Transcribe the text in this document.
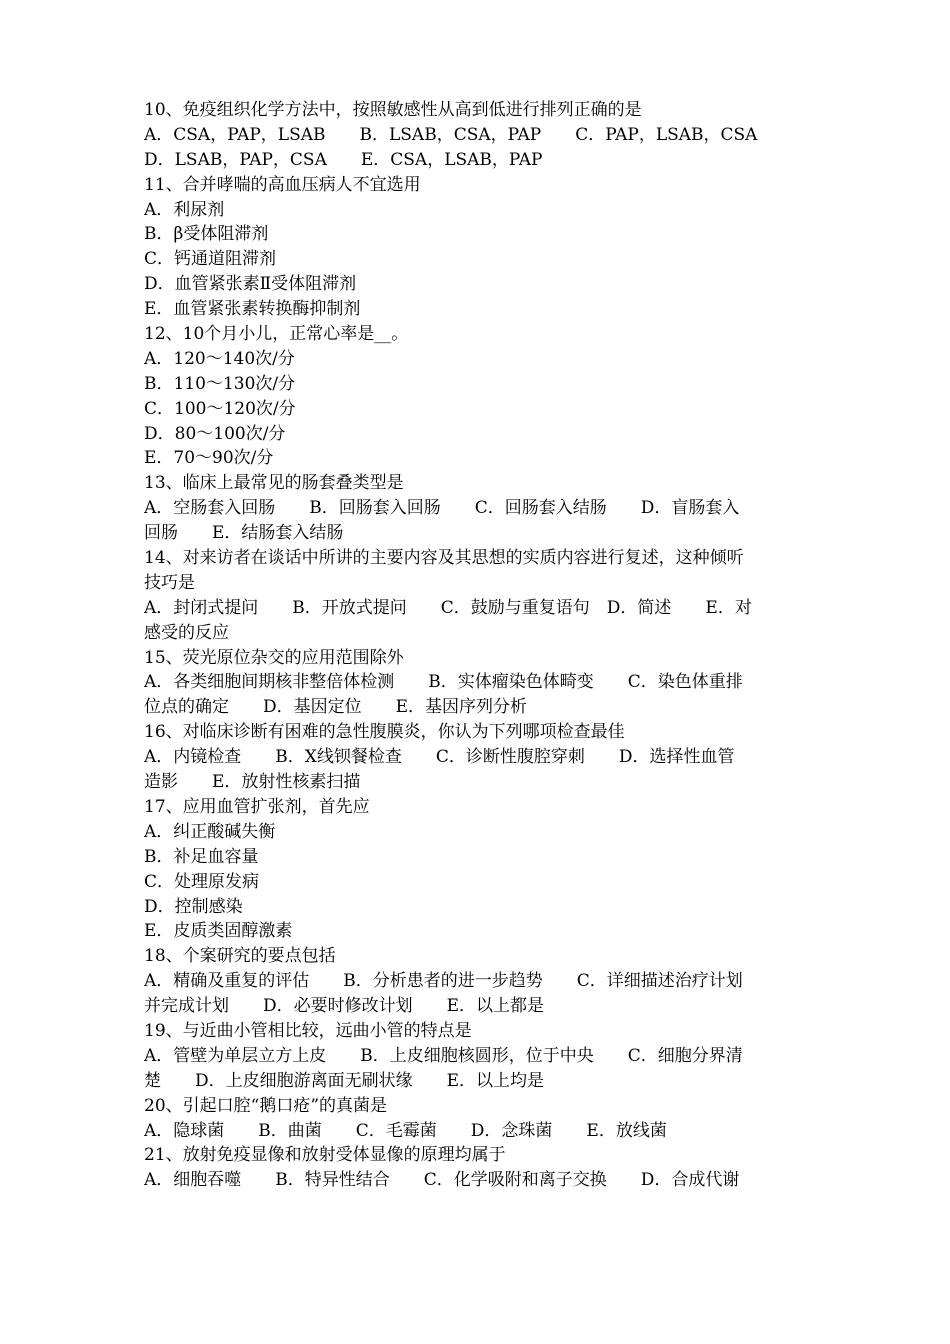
10、免疫组织化学方法中，按照敏感性从高到低进行排列正确的是
A．CSA，PAP，LSAB　　B．LSAB，CSA，PAP　　C．PAP，LSAB，CSA
D．LSAB，PAP，CSA　　E．CSA，LSAB，PAP
11、合并哮喘的高血压病人不宜选用
A．利尿剂
B．β受体阻滞剂
C．钙通道阻滞剂
D．血管紧张素Ⅱ受体阻滞剂
E．血管紧张素转换酶抑制剂
12、10个月小儿，正常心率是__。
A．120～140次/分
B．110～130次/分
C．100～120次/分
D．80～100次/分
E．70～90次/分
13、临床上最常见的肠套叠类型是
A．空肠套入回肠　　B．回肠套入回肠　　C．回肠套入结肠　　D．盲肠套入
回肠　　E．结肠套入结肠
14、对来访者在谈话中所讲的主要内容及其思想的实质内容进行复述，这种倾听
技巧是
A．封闭式提问　　B．开放式提问　　C．鼓励与重复语句　D．简述　　E．对
感受的反应
15、荧光原位杂交的应用范围除外
A．各类细胞间期核非整倍体检测　　B．实体瘤染色体畸变　　C．染色体重排
位点的确定　　D．基因定位　　E．基因序列分析
16、对临床诊断有困难的急性腹膜炎，你认为下列哪项检查最佳
A．内镜检查　　B．X线钡餐检查　　C．诊断性腹腔穿刺　　D．选择性血管
造影　　E．放射性核素扫描
17、应用血管扩张剂，首先应
A．纠正酸碱失衡
B．补足血容量
C．处理原发病
D．控制感染
E．皮质类固醇激素
18、个案研究的要点包括
A．精确及重复的评估　　B．分析患者的进一步趋势　　C．详细描述治疗计划
并完成计划　　D．必要时修改计划　　E．以上都是
19、与近曲小管相比较，远曲小管的特点是
A．管壁为单层立方上皮　　B．上皮细胞核圆形，位于中央　　C．细胞分界清
楚　　D．上皮细胞游离面无刷状缘　　E．以上均是
20、引起口腔“鹅口疮”的真菌是
A．隐球菌　　B．曲菌　　C．毛霉菌　　D．念珠菌　　E．放线菌
21、放射免疫显像和放射受体显像的原理均属于
A．细胞吞噬　　B．特异性结合　　C．化学吸附和离子交换　　D．合成代谢
